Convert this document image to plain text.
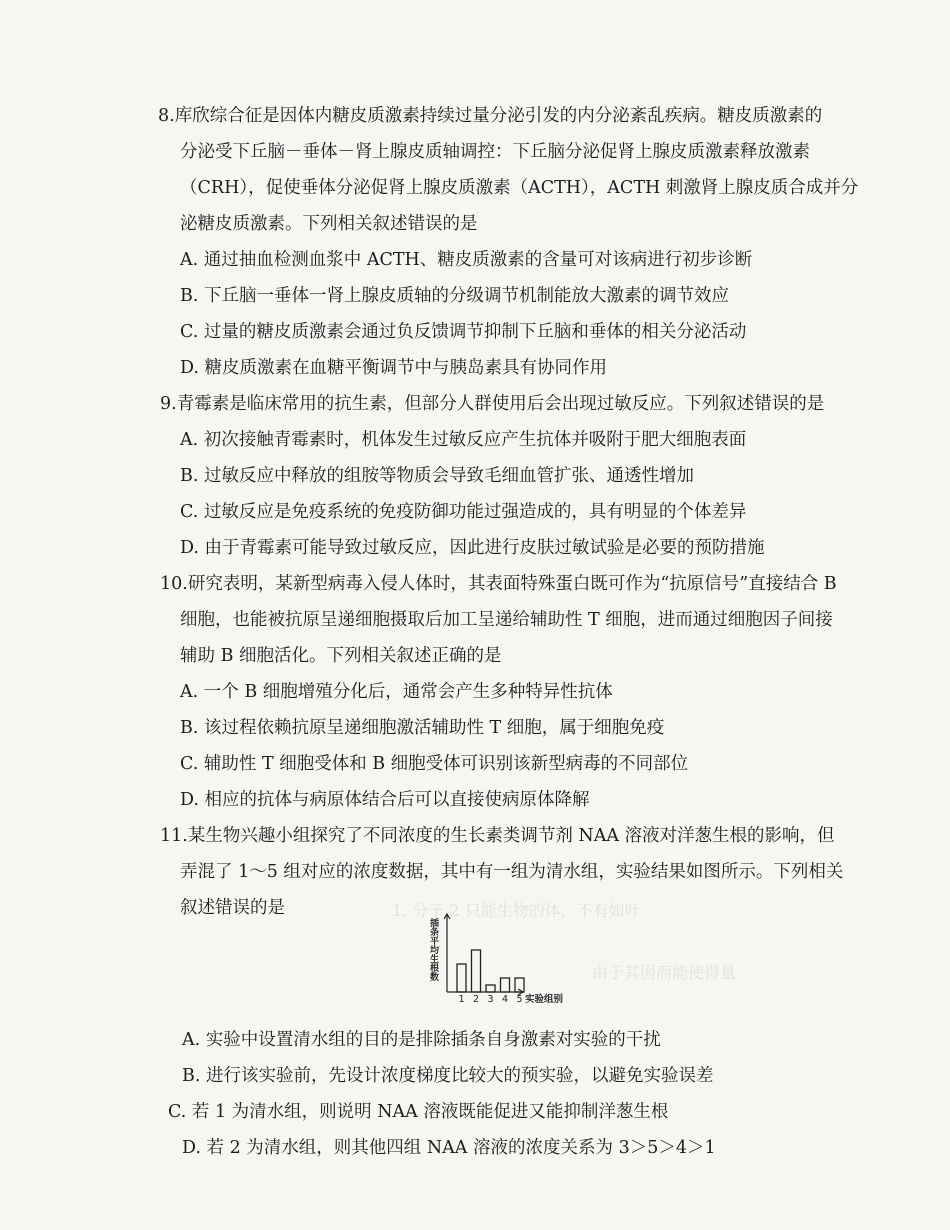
8.库欣综合征是因体内糖皮质激素持续过量分泌引发的内分泌紊乱疾病。糖皮质激素的
分泌受下丘脑－垂体－肾上腺皮质轴调控：下丘脑分泌促肾上腺皮质激素释放激素
（CRH），促使垂体分泌促肾上腺皮质激素（ACTH），ACTH 刺激肾上腺皮质合成并分
泌糖皮质激素。下列相关叙述错误的是
A. 通过抽血检测血浆中 ACTH、糖皮质激素的含量可对该病进行初步诊断
B. 下丘脑一垂体一肾上腺皮质轴的分级调节机制能放大激素的调节效应
C. 过量的糖皮质激素会通过负反馈调节抑制下丘脑和垂体的相关分泌活动
D. 糖皮质激素在血糖平衡调节中与胰岛素具有协同作用
9.青霉素是临床常用的抗生素，但部分人群使用后会出现过敏反应。下列叙述错误的是
A. 初次接触青霉素时，机体发生过敏反应产生抗体并吸附于肥大细胞表面
B. 过敏反应中释放的组胺等物质会导致毛细血管扩张、通透性增加
C. 过敏反应是免疫系统的免疫防御功能过强造成的，具有明显的个体差异
D. 由于青霉素可能导致过敏反应，因此进行皮肤过敏试验是必要的预防措施
10.研究表明，某新型病毒入侵人体时，其表面特殊蛋白既可作为“抗原信号”直接结合 B
细胞，也能被抗原呈递细胞摄取后加工呈递给辅助性 T 细胞，进而通过细胞因子间接
辅助 B 细胞活化。下列相关叙述正确的是
A. 一个 B 细胞增殖分化后，通常会产生多种特异性抗体
B. 该过程依赖抗原呈递细胞激活辅助性 T 细胞，属于细胞免疫
C. 辅助性 T 细胞受体和 B 细胞受体可识别该新型病毒的不同部位
D. 相应的抗体与病原体结合后可以直接使病原体降解
11.某生物兴趣小组探究了不同浓度的生长素类调节剂 NAA 溶液对洋葱生根的影响，但
弄混了 1～5 组对应的浓度数据，其中有一组为清水组，实验结果如图所示。下列相关
叙述错误的是	1. 分子 2 只能生物的体，不有如叶
由于其因而能使得量
插条平均生根数
实验组别
1 2 3 4 5
A. 实验中设置清水组的目的是排除插条自身激素对实验的干扰
B. 进行该实验前，先设计浓度梯度比较大的预实验，以避免实验误差
C. 若 1 为清水组，则说明 NAA 溶液既能促进又能抑制洋葱生根
D. 若 2 为清水组，则其他四组 NAA 溶液的浓度关系为 3＞5＞4＞1
